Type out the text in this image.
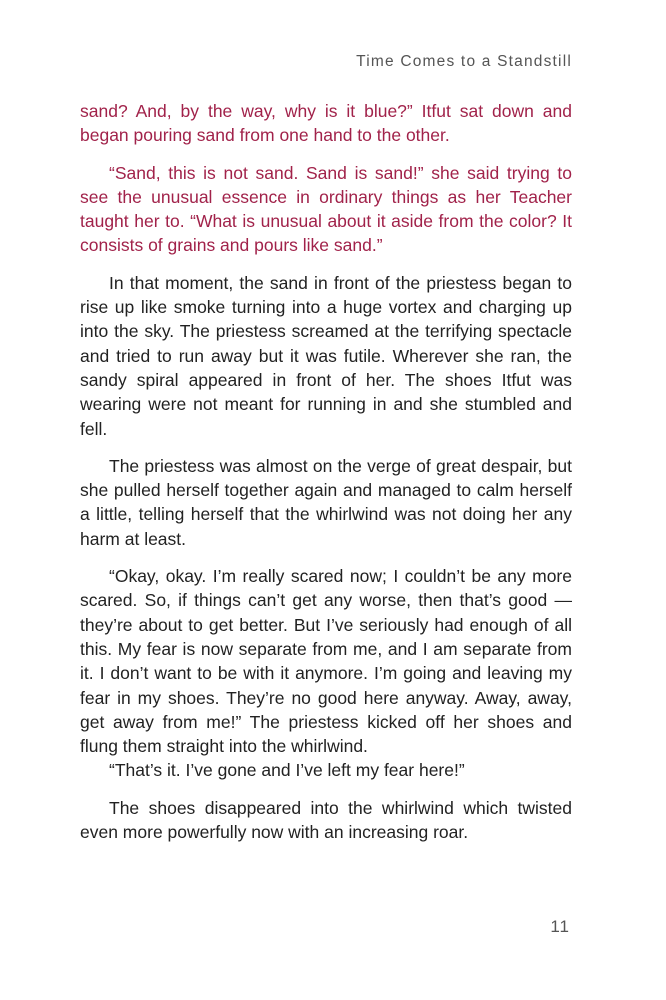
Time Comes to a Standstill

sand? And, by the way, why is it blue?” Itfut sat down and began pouring sand from one hand to the other.

“Sand, this is not sand. Sand is sand!” she said trying to see the unusual essence in ordinary things as her Teacher taught her to. “What is unusual about it aside from the color? It consists of grains and pours like sand.”

In that moment, the sand in front of the priestess began to rise up like smoke turning into a huge vortex and charging up into the sky. The priestess screamed at the terrifying spectacle and tried to run away but it was futile. Wherever she ran, the sandy spiral appeared in front of her. The shoes Itfut was wearing were not meant for running in and she stumbled and fell.

The priestess was almost on the verge of great despair, but she pulled herself together again and managed to calm herself a little, telling herself that the whirlwind was not doing her any harm at least.

“Okay, okay. I’m really scared now; I couldn’t be any more scared. So, if things can’t get any worse, then that’s good — they’re about to get better. But I’ve seriously had enough of all this. My fear is now separate from me, and I am separate from it. I don’t want to be with it anymore. I’m going and leaving my fear in my shoes. They’re no good here anyway. Away, away, get away from me!” The priestess kicked off her shoes and flung them straight into the whirlwind.

“That’s it. I’ve gone and I’ve left my fear here!”

The shoes disappeared into the whirlwind which twisted even more powerfully now with an increasing roar.

11
